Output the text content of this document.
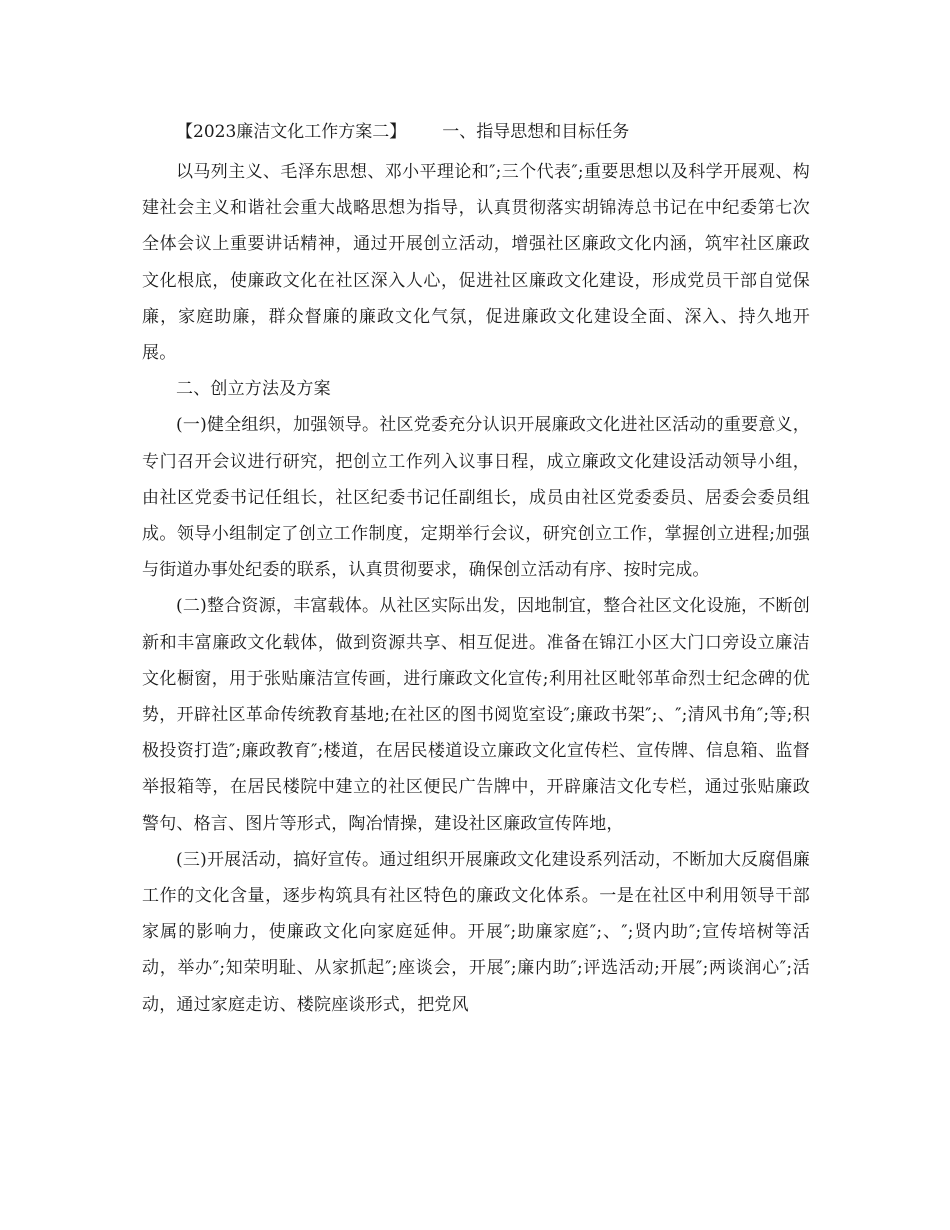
【2023廉洁文化工作方案二】 一、指导思想和目标任务

以马列主义、毛泽东思想、邓小平理论和″;三个代表″;重要思想以及科学开展观、构建社会主义和谐社会重大战略思想为指导，认真贯彻落实胡锦涛总书记在中纪委第七次全体会议上重要讲话精神，通过开展创立活动，增强社区廉政文化内涵，筑牢社区廉政文化根底，使廉政文化在社区深入人心，促进社区廉政文化建设，形成党员干部自觉保廉，家庭助廉，群众督廉的廉政文化气氛，促进廉政文化建设全面、深入、持久地开展。

二、创立方法及方案

(一)健全组织，加强领导。社区党委充分认识开展廉政文化进社区活动的重要意义，专门召开会议进行研究，把创立工作列入议事日程，成立廉政文化建设活动领导小组，由社区党委书记任组长，社区纪委书记任副组长，成员由社区党委委员、居委会委员组成。领导小组制定了创立工作制度，定期举行会议，研究创立工作，掌握创立进程;加强与街道办事处纪委的联系，认真贯彻要求，确保创立活动有序、按时完成。

(二)整合资源，丰富载体。从社区实际出发，因地制宜，整合社区文化设施，不断创新和丰富廉政文化载体，做到资源共享、相互促进。准备在锦江小区大门口旁设立廉洁文化橱窗，用于张贴廉洁宣传画，进行廉政文化宣传;利用社区毗邻革命烈士纪念碑的优势，开辟社区革命传统教育基地;在社区的图书阅览室设″;廉政书架″;、″;清风书角″;等;积极投资打造″;廉政教育″;楼道，在居民楼道设立廉政文化宣传栏、宣传牌、信息箱、监督举报箱等，在居民楼院中建立的社区便民广告牌中，开辟廉洁文化专栏，通过张贴廉政警句、格言、图片等形式，陶冶情操，建设社区廉政宣传阵地，

(三)开展活动，搞好宣传。通过组织开展廉政文化建设系列活动，不断加大反腐倡廉工作的文化含量，逐步构筑具有社区特色的廉政文化体系。一是在社区中利用领导干部家属的影响力，使廉政文化向家庭延伸。开展″;助廉家庭″;、″;贤内助″;宣传培树等活动，举办″;知荣明耻、从家抓起″;座谈会，开展″;廉内助″;评选活动;开展″;两谈润心″;活动，通过家庭走访、楼院座谈形式，把党风
